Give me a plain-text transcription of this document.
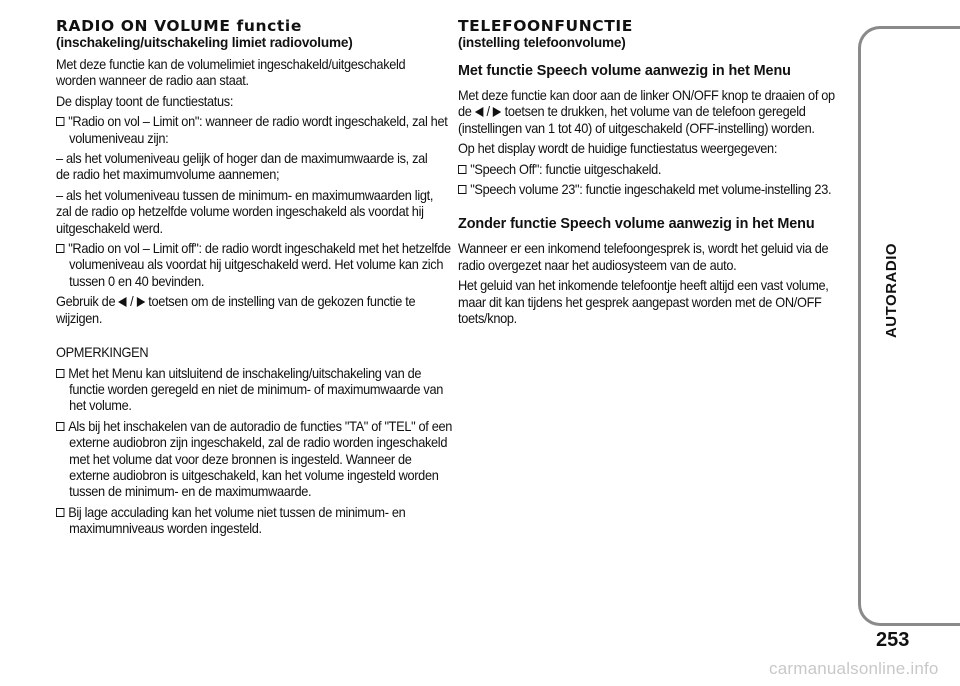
RADIO ON VOLUME functie
(inschakeling/uitschakeling limiet radiovolume)

Met deze functie kan de volumelimiet ingeschakeld/uitgeschakeld worden wanneer de radio aan staat.

De display toont de functiestatus:

"Radio on vol – Limit on": wanneer de radio wordt ingeschakeld, zal het volumeniveau zijn:

– als het volumeniveau gelijk of hoger dan de maximumwaarde is, zal de radio het maximumvolume aannemen;

– als het volumeniveau tussen de minimum- en maximumwaarden ligt, zal de radio op hetzelfde volume worden ingeschakeld als voordat hij uitgeschakeld werd.

"Radio on vol – Limit off": de radio wordt ingeschakeld met het hetzelfde volumeniveau als voordat hij uitgeschakeld werd. Het volume kan zich tussen 0 en 40 bevinden.

Gebruik de / toetsen om de instelling van de gekozen functie te wijzigen.

OPMERKINGEN

Met het Menu kan uitsluitend de inschakeling/uitschakeling van de functie worden geregeld en niet de minimum- of maximumwaarde van het volume.

Als bij het inschakelen van de autoradio de functies "TA" of "TEL" of een externe audiobron zijn ingeschakeld, zal de radio worden ingeschakeld met het volume dat voor deze bronnen is ingesteld. Wanneer de externe audiobron is uitgeschakeld, kan het volume ingesteld worden tussen de minimum- en de maximumwaarde.

Bij lage acculading kan het volume niet tussen de minimum- en maximumniveaus worden ingesteld.

TELEFOONFUNCTIE
(instelling telefoonvolume)
Met functie Speech volume aanwezig in het Menu

Met deze functie kan door aan de linker ON/OFF knop te draaien of op de / toetsen te drukken, het volume van de telefoon geregeld (instellingen van 1 tot 40) of uitgeschakeld (OFF-instelling) worden.

Op het display wordt de huidige functiestatus weergegeven:

"Speech Off": functie uitgeschakeld.

"Speech volume 23": functie ingeschakeld met volume-instelling 23.

Zonder functie Speech volume aanwezig in het Menu

Wanneer er een inkomend telefoongesprek is, wordt het geluid via de radio overgezet naar het audiosysteem van de auto.

Het geluid van het inkomende telefoontje heeft altijd een vast volume, maar dit kan tijdens het gesprek aangepast worden met de ON/OFF toets/knop.	AUTORADIO
253
carmanualsonline.info
